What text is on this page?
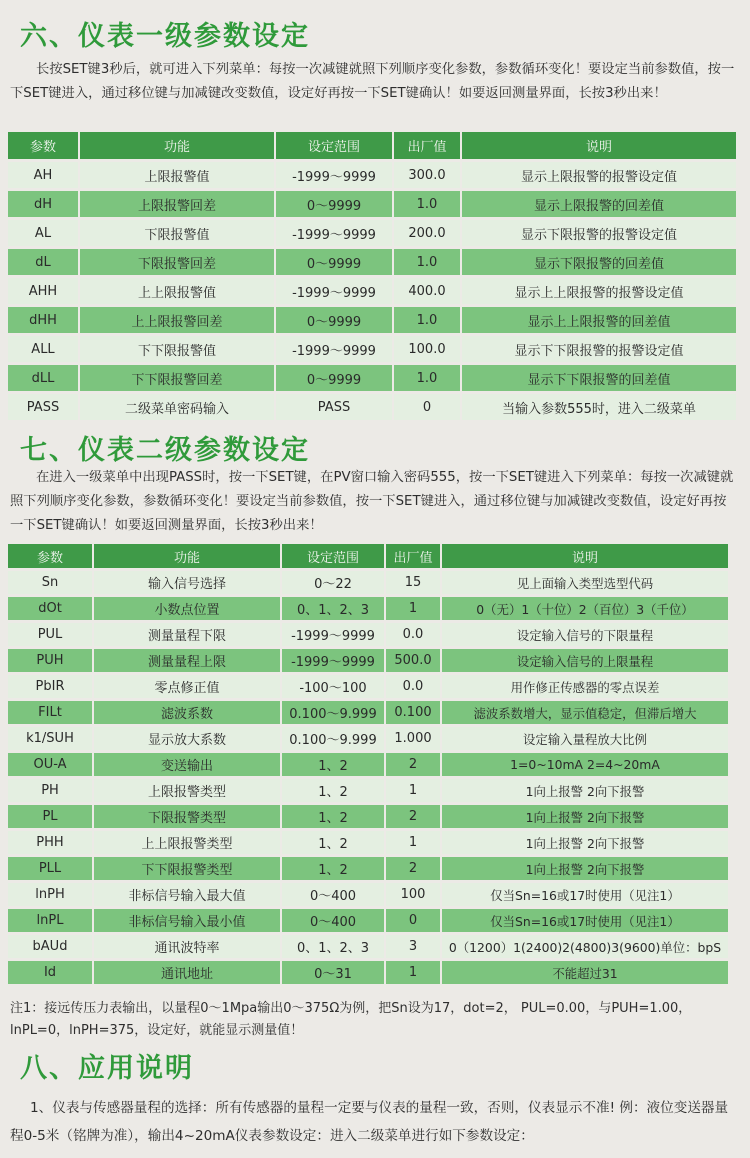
六、仪表一级参数设定
长按SET键3秒后，就可进入下列菜单：每按一次减键就照下列顺序变化参数，参数循环变化！要设定当前参数值，按一下SET键进入，通过移位键与加减键改变数值，设定好再按一下SET键确认！如要返回测量界面，长按3秒出来！
参数	功能	设定范围	出厂值	说明
AH	上限报警值	-1999～9999	300.0	显示上限报警的报警设定值
dH	上限报警回差	0～9999	1.0	显示上限报警的回差值
AL	下限报警值	-1999～9999	200.0	显示下限报警的报警设定值
dL	下限报警回差	0～9999	1.0	显示下限报警的回差值
AHH	上上限报警值	-1999～9999	400.0	显示上上限报警的报警设定值
dHH	上上限报警回差	0～9999	1.0	显示上上限报警的回差值
ALL	下下限报警值	-1999～9999	100.0	显示下下限报警的报警设定值
dLL	下下限报警回差	0～9999	1.0	显示下下限报警的回差值
PASS	二级菜单密码输入	PASS	0	当输入参数555时，进入二级菜单
七、仪表二级参数设定
在进入一级菜单中出现PASS时，按一下SET键，在PV窗口输入密码555，按一下SET键进入下列菜单：每按一次减键就照下列顺序变化参数，参数循环变化！要设定当前参数值，按一下SET键进入，通过移位键与加减键改变数值，设定好再按一下SET键确认！如要返回测量界面，长按3秒出来！
参数	功能	设定范围	出厂值	说明
Sn	输入信号选择	0～22	15	见上面输入类型选型代码
dOt	小数点位置	0、1、2、3	1	0（无）1（十位）2（百位）3（千位）
PUL	测量量程下限	-1999～9999	0.0	设定输入信号的下限量程
PUH	测量量程上限	-1999～9999	500.0	设定输入信号的上限量程
PbIR	零点修正值	-100～100	0.0	用作修正传感器的零点误差
FILt	滤波系数	0.100～9.999	0.100	滤波系数增大，显示值稳定，但滞后增大
k1/SUH	显示放大系数	0.100～9.999	1.000	设定输入量程放大比例
OU-A	变送输出	1、2	2	1=0~10mA 2=4~20mA
PH	上限报警类型	1、2	1	1向上报警 2向下报警
PL	下限报警类型	1、2	2	1向上报警 2向下报警
PHH	上上限报警类型	1、2	1	1向上报警 2向下报警
PLL	下下限报警类型	1、2	2	1向上报警 2向下报警
lnPH	非标信号输入最大值	0～400	100	仅当Sn=16或17时使用（见注1）
lnPL	非标信号输入最小值	0～400	0	仅当Sn=16或17时使用（见注1）
bAUd	通讯波特率	0、1、2、3	3	0（1200）1(2400)2(4800)3(9600)单位：bpS
Id	通讯地址	0～31	1	不能超过31
注1：接远传压力表输出，以量程0～1Mpa输出0～375Ω为例，把Sn设为17，dot=2， PUL=0.00，与PUH=1.00，lnPL=0，lnPH=375，设定好，就能显示测量值！
八、应用说明
1、仪表与传感器量程的选择：所有传感器的量程一定要与仪表的量程一致，否则，仪表显示不准! 例：液位变送器量程0-5米（铭牌为准），输出4~20mA仪表参数设定：进入二级菜单进行如下参数设定：
